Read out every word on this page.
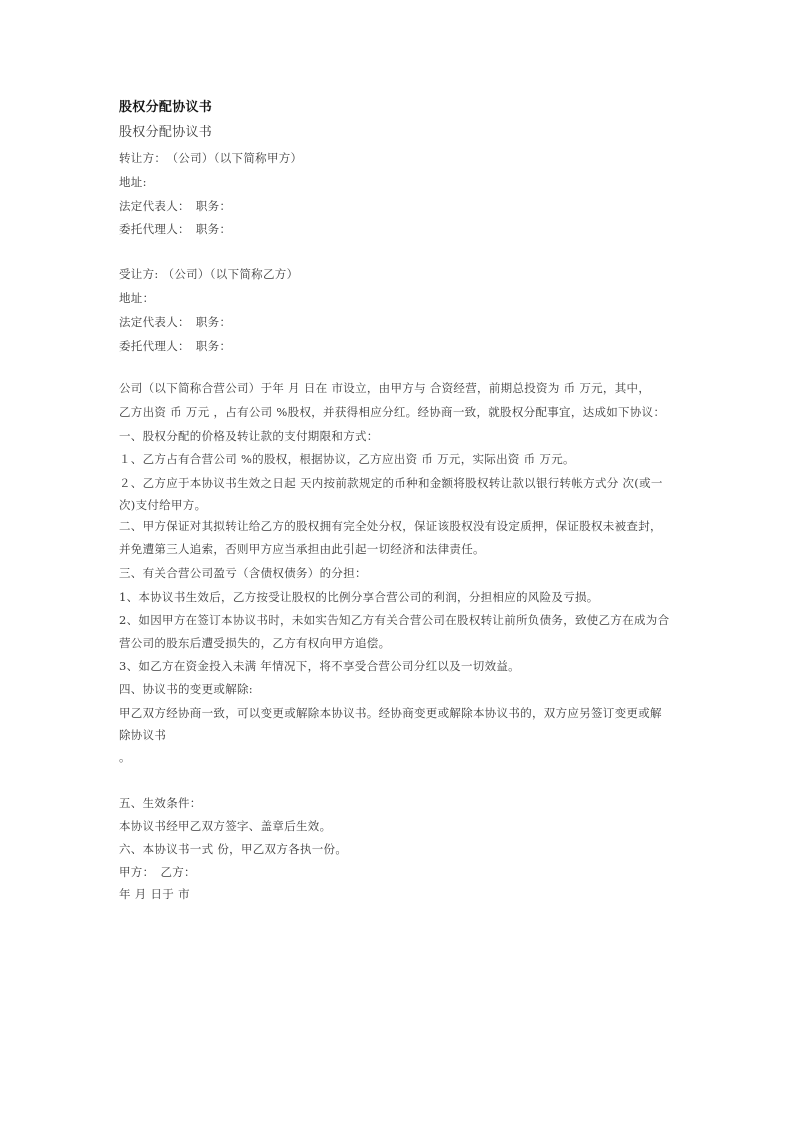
股权分配协议书
股权分配协议书
转让方：　（公司）（以下简称甲方）
地址:
法定代表人：　职务：
委托代理人：　职务：
受让方: （公司）（以下简称乙方）
地址：
法定代表人：　职务：
委托代理人：　职务：
公司（以下简称合营公司）于年 月 日在 市设立，由甲方与 合资经营，前期总投资为 币 万元，其中，
乙方出资 币 万元 ，占有公司 %股权，并获得相应分红。经协商一致，就股权分配事宜，达成如下协议：
一、股权分配的价格及转让款的支付期限和方式：
１、乙方占有合营公司 %的股权，根据协议，乙方应出资 币 万元，实际出资 币 万元。
２、乙方应于本协议书生效之日起 天内按前款规定的币种和金额将股权转让款以银行转帐方式分 次(或一
次)支付给甲方。
二、甲方保证对其拟转让给乙方的股权拥有完全处分权，保证该股权没有设定质押，保证股权未被查封，
并免遭第三人追索，否则甲方应当承担由此引起一切经济和法律责任。
三、有关合营公司盈亏（含债权债务）的分担：
1、本协议书生效后，乙方按受让股权的比例分享合营公司的利润，分担相应的风险及亏损。
2、如因甲方在签订本协议书时，未如实告知乙方有关合营公司在股权转让前所负债务，致使乙方在成为合
营公司的股东后遭受损失的，乙方有权向甲方追偿。
3、如乙方在资金投入未满 年情况下，将不享受合营公司分红以及一切效益。
四、协议书的变更或解除:
甲乙双方经协商一致，可以变更或解除本协议书。经协商变更或解除本协议书的，双方应另签订变更或解
除协议书
。
五、生效条件：
本协议书经甲乙双方签字、盖章后生效。
六、本协议书一式 份，甲乙双方各执一份。
甲方：　乙方：
年 月 日于 市
